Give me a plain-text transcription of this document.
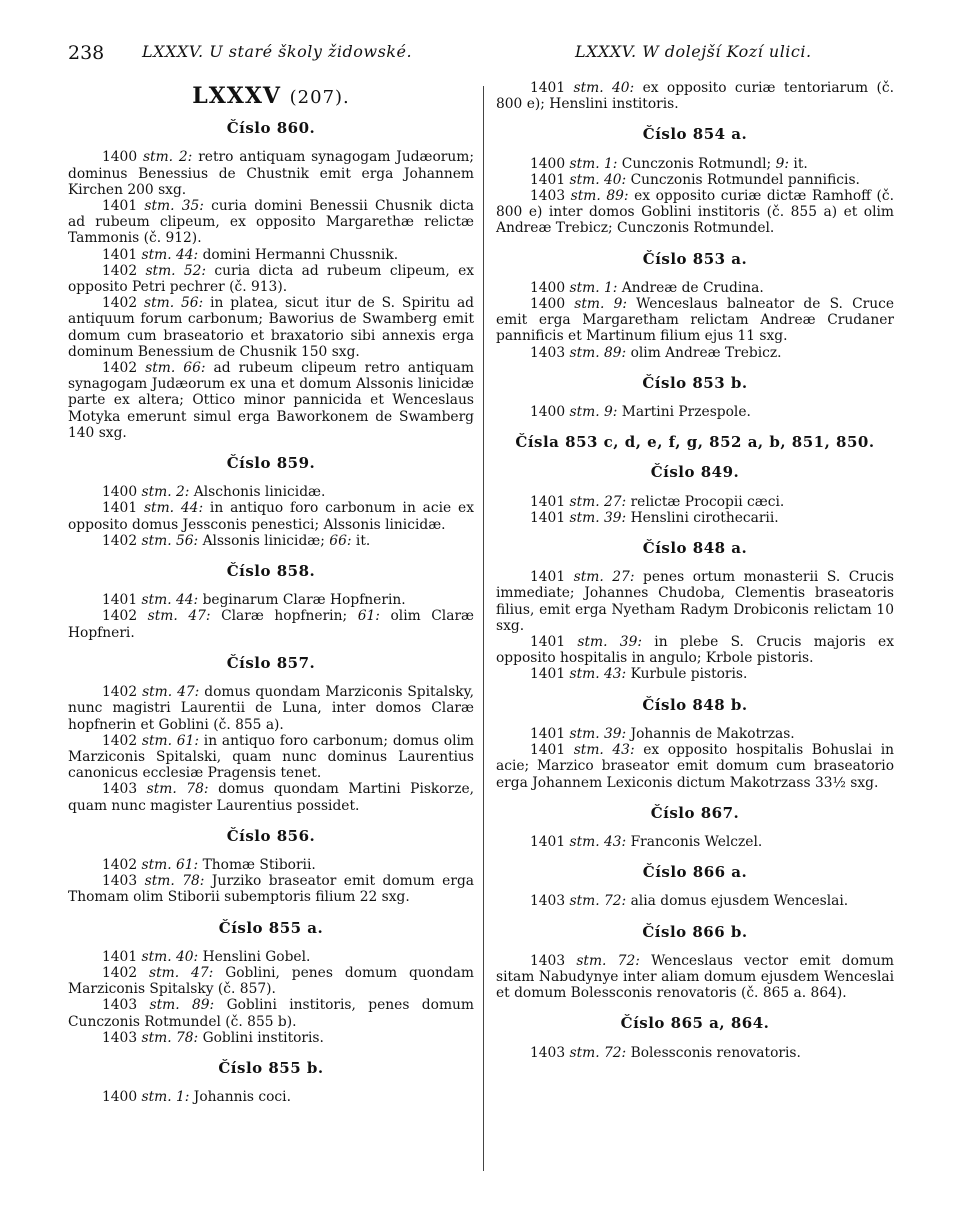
238 LXXXV. U staré školy židowské.	LXXXV. W dolejší Kozí ulici.
LXXXV (207).
Číslo 860.

1400 stm. 2: retro antiquam synagogam Judæorum; dominus Benessius de Chustnik emit erga Johannem Kirchen 200 sxg.

1401 stm. 35: curia domini Benessii Chusnik dicta ad rubeum clipeum, ex opposito Margarethæ relictæ Tammonis (č. 912).

1401 stm. 44: domini Hermanni Chussnik.

1402 stm. 52: curia dicta ad rubeum clipeum, ex opposito Petri pechrer (č. 913).

1402 stm. 56: in platea, sicut itur de S. Spiritu ad antiquum forum carbonum; Baworius de Swamberg emit domum cum braseatorio et braxatorio sibi annexis erga dominum Benessium de Chusnik 150 sxg.

1402 stm. 66: ad rubeum clipeum retro antiquam synagogam Judæorum ex una et domum Alssonis linicidæ parte ex altera; Ottico minor pannicida et Wenceslaus Motyka emerunt simul erga Baworkonem de Swamberg 140 sxg.

Číslo 859.

1400 stm. 2: Alschonis linicidæ.

1401 stm. 44: in antiquo foro carbonum in acie ex opposito domus Jessconis penestici; Alssonis linicidæ.

1402 stm. 56: Alssonis linicidæ; 66: it.

Číslo 858.

1401 stm. 44: beginarum Claræ Hopfnerin.

1402 stm. 47: Claræ hopfnerin; 61: olim Claræ Hopfneri.

Číslo 857.

1402 stm. 47: domus quondam Marziconis Spitalsky, nunc magistri Laurentii de Luna, inter domos Claræ hopfnerin et Goblini (č. 855 a).

1402 stm. 61: in antiquo foro carbonum; domus olim Marziconis Spitalski, quam nunc dominus Laurentius canonicus ecclesiæ Pragensis tenet.

1403 stm. 78: domus quondam Martini Piskorze, quam nunc magister Laurentius possidet.

Číslo 856.

1402 stm. 61: Thomæ Stiborii.

1403 stm. 78: Jurziko braseator emit domum erga Thomam olim Stiborii subemptoris filium 22 sxg.

Číslo 855 a.

1401 stm. 40: Henslini Gobel.

1402 stm. 47: Goblini, penes domum quondam Marziconis Spitalsky (č. 857).

1403 stm. 89: Goblini institoris, penes domum Cunczonis Rotmundel (č. 855 b).

1403 stm. 78: Goblini institoris.

Číslo 855 b.

1400 stm. 1: Johannis coci.

1401 stm. 40: ex opposito curiæ tentoriarum (č. 800 e); Henslini institoris.

Číslo 854 a.

1400 stm. 1: Cunczonis Rotmundl; 9: it.

1401 stm. 40: Cunczonis Rotmundel pannificis.

1403 stm. 89: ex opposito curiæ dictæ Ramhoff (č. 800 e) inter domos Goblini institoris (č. 855 a) et olim Andreæ Trebicz; Cunczonis Rotmundel.

Číslo 853 a.

1400 stm. 1: Andreæ de Crudina.

1400 stm. 9: Wenceslaus balneator de S. Cruce emit erga Margaretham relictam Andreæ Crudaner pannificis et Martinum filium ejus 11 sxg.

1403 stm. 89: olim Andreæ Trebicz.

Číslo 853 b.

1400 stm. 9: Martini Przespole.

Čísla 853 c, d, e, f, g, 852 a, b, 851, 850.
Číslo 849.

1401 stm. 27: relictæ Procopii cæci.

1401 stm. 39: Henslini cirothecarii.

Číslo 848 a.

1401 stm. 27: penes ortum monasterii S. Crucis immediate; Johannes Chudoba, Clementis braseatoris filius, emit erga Nyetham Radym Drobiconis relictam 10 sxg.

1401 stm. 39: in plebe S. Crucis majoris ex opposito hospitalis in angulo; Krbole pistoris.

1401 stm. 43: Kurbule pistoris.

Číslo 848 b.

1401 stm. 39: Johannis de Makotrzas.

1401 stm. 43: ex opposito hospitalis Bohuslai in acie; Marzico braseator emit domum cum braseatorio erga Johannem Lexiconis dictum Makotrzass 33½ sxg.

Číslo 867.

1401 stm. 43: Franconis Welczel.

Číslo 866 a.

1403 stm. 72: alia domus ejusdem Wenceslai.

Číslo 866 b.

1403 stm. 72: Wenceslaus vector emit domum sitam Nabudynye inter aliam domum ejusdem Wenceslai et domum Bolessconis renovatoris (č. 865 a. 864).

Číslo 865 a, 864.

1403 stm. 72: Bolessconis renovatoris.
